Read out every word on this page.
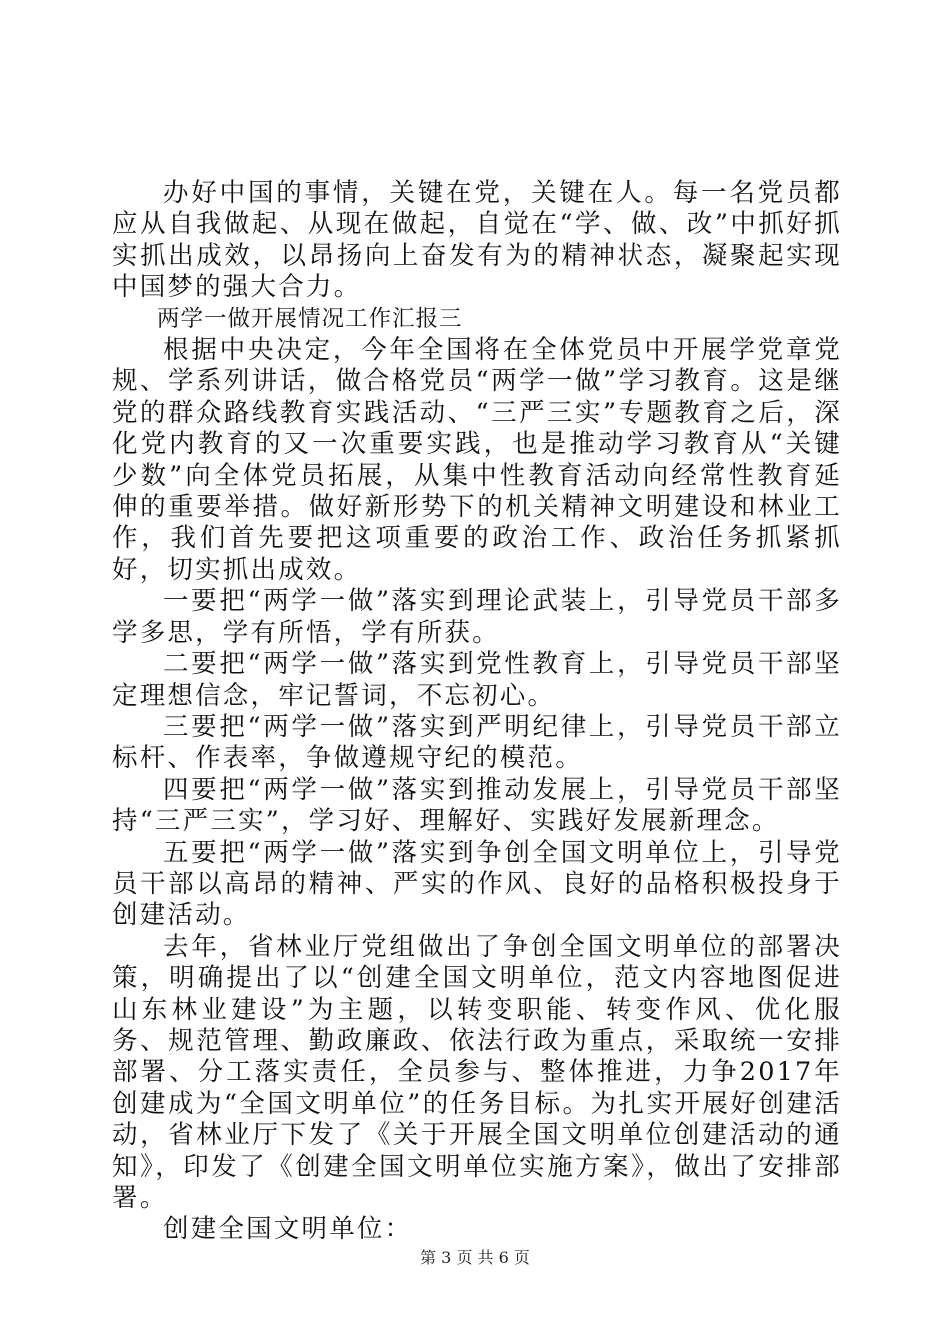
办好中国的事情，关键在党，关键在人。每一名党员都应从自我做起、从现在做起，自觉在“学、做、改”中抓好抓实抓出成效，以昂扬向上奋发有为的精神状态，凝聚起实现中国梦的强大合力。

两学一做开展情况工作汇报三

根据中央决定，今年全国将在全体党员中开展学党章党规、学系列讲话，做合格党员“两学一做”学习教育。这是继党的群众路线教育实践活动、“三严三实”专题教育之后，深化党内教育的又一次重要实践，也是推动学习教育从“关键少数”向全体党员拓展，从集中性教育活动向经常性教育延伸的重要举措。做好新形势下的机关精神文明建设和林业工作，我们首先要把这项重要的政治工作、政治任务抓紧抓好，切实抓出成效。

一要把“两学一做”落实到理论武装上，引导党员干部多学多思，学有所悟，学有所获。

二要把“两学一做”落实到党性教育上，引导党员干部坚定理想信念，牢记誓词，不忘初心。

三要把“两学一做”落实到严明纪律上，引导党员干部立标杆、作表率，争做遵规守纪的模范。

四要把“两学一做”落实到推动发展上，引导党员干部坚持“三严三实”，学习好、理解好、实践好发展新理念。

五要把“两学一做”落实到争创全国文明单位上，引导党员干部以高昂的精神、严实的作风、良好的品格积极投身于创建活动。

去年，省林业厅党组做出了争创全国文明单位的部署决策，明确提出了以“创建全国文明单位，范文内容地图促进山东林业建设”为主题，以转变职能、转变作风、优化服务、规范管理、勤政廉政、依法行政为重点，采取统一安排部署、分工落实责任，全员参与、整体推进，力争2017年创建成为“全国文明单位”的任务目标。为扎实开展好创建活动，省林业厅下发了《关于开展全国文明单位创建活动的通知》，印发了《创建全国文明单位实施方案》，做出了安排部署。

创建全国文明单位：

第 3 页 共 6 页
